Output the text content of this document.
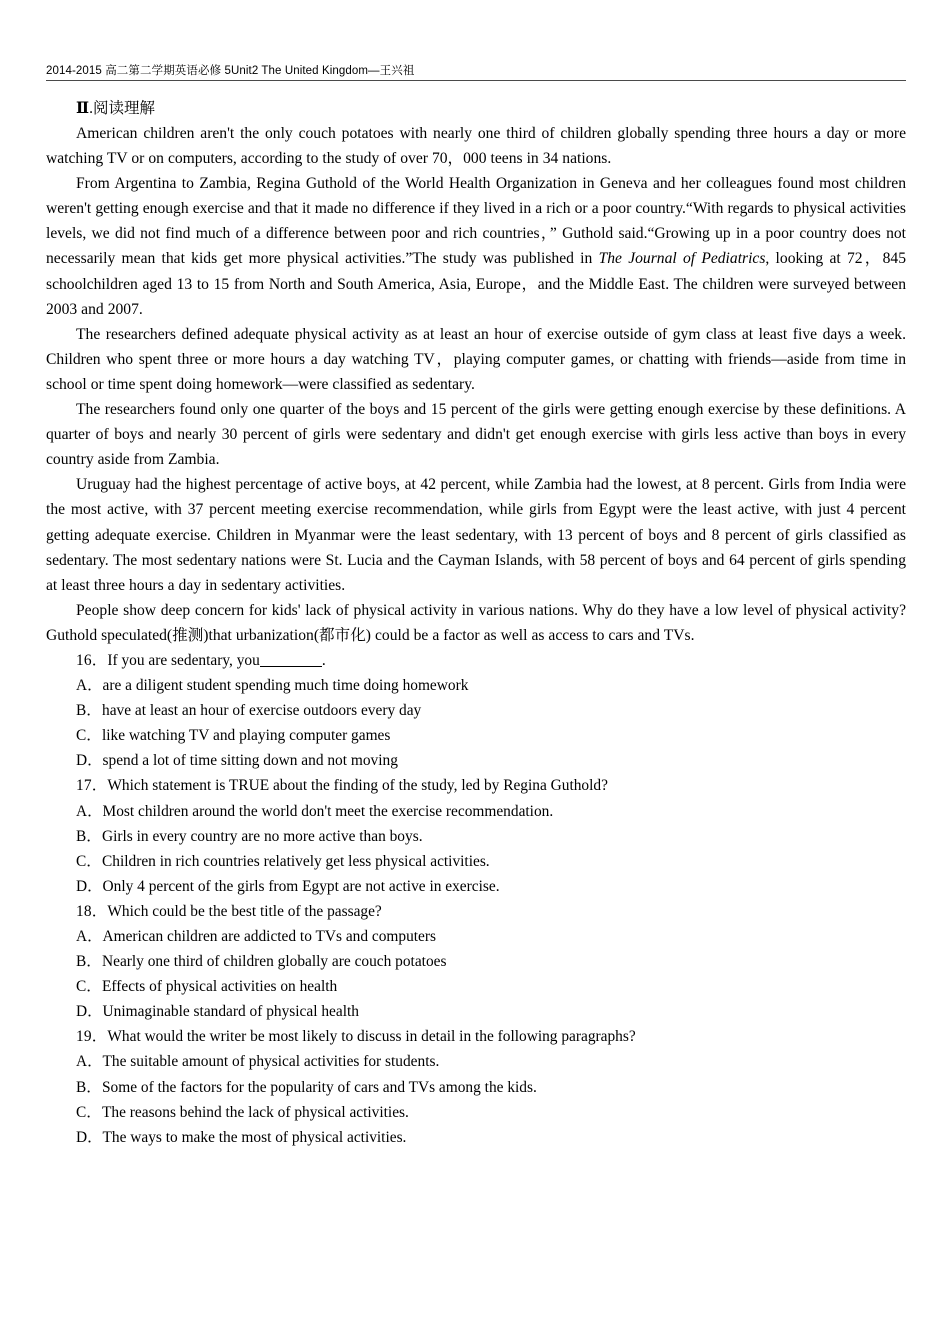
2014-2015 高二第二学期英语必修 5Unit2 The United Kingdom—王兴祖
Ⅱ.阅读理解

American children aren't the only couch potatoes with nearly one third of children globally spending three hours a day or more watching TV or on computers, according to the study of over 70，000 teens in 34 nations.

From Argentina to Zambia, Regina Guthold of the World Health Organization in Geneva and her colleagues found most children weren't getting enough exercise and that it made no difference if they lived in a rich or a poor country.“With regards to physical activities levels, we did not find much of a difference between poor and rich countries，” Guthold said.“Growing up in a poor country does not necessarily mean that kids get more physical activities.”The study was published in The Journal of Pediatrics, looking at 72，845 schoolchildren aged 13 to 15 from North and South America, Asia, Europe，and the Middle East. The children were surveyed between 2003 and 2007.

The researchers defined adequate physical activity as at least an hour of exercise outside of gym class at least five days a week. Children who spent three or more hours a day watching TV，playing computer games, or chatting with friends—aside from time in school or time spent doing homework—were classified as sedentary.

The researchers found only one quarter of the boys and 15 percent of the girls were getting enough exercise by these definitions. A quarter of boys and nearly 30 percent of girls were sedentary and didn't get enough exercise with girls less active than boys in every country aside from Zambia.

Uruguay had the highest percentage of active boys, at 42 percent, while Zambia had the lowest, at 8 percent. Girls from India were the most active, with 37 percent meeting exercise recommendation, while girls from Egypt were the least active, with just 4 percent getting adequate exercise. Children in Myanmar were the least sedentary, with 13 percent of boys and 8 percent of girls classified as sedentary. The most sedentary nations were St. Lucia and the Cayman Islands, with 58 percent of boys and 64 percent of girls spending at least three hours a day in sedentary activities.

People show deep concern for kids' lack of physical activity in various nations. Why do they have a low level of physical activity? Guthold speculated(推测)that urbanization(都市化) could be a factor as well as access to cars and TVs.

16．If you are sedentary, you	.
A．are a diligent student spending much time doing homework
B．have at least an hour of exercise outdoors every day
C．like watching TV and playing computer games
D．spend a lot of time sitting down and not moving
17．Which statement is TRUE about the finding of the study, led by Regina Guthold?
A．Most children around the world don't meet the exercise recommendation.
B．Girls in every country are no more active than boys.
C．Children in rich countries relatively get less physical activities.
D．Only 4 percent of the girls from Egypt are not active in exercise.
18．Which could be the best title of the passage?
A．American children are addicted to TVs and computers
B．Nearly one third of children globally are couch potatoes
C．Effects of physical activities on health
D．Unimaginable standard of physical health
19．What would the writer be most likely to discuss in detail in the following paragraphs?
A．The suitable amount of physical activities for students.
B．Some of the factors for the popularity of cars and TVs among the kids.
C．The reasons behind the lack of physical activities.
D．The ways to make the most of physical activities.
